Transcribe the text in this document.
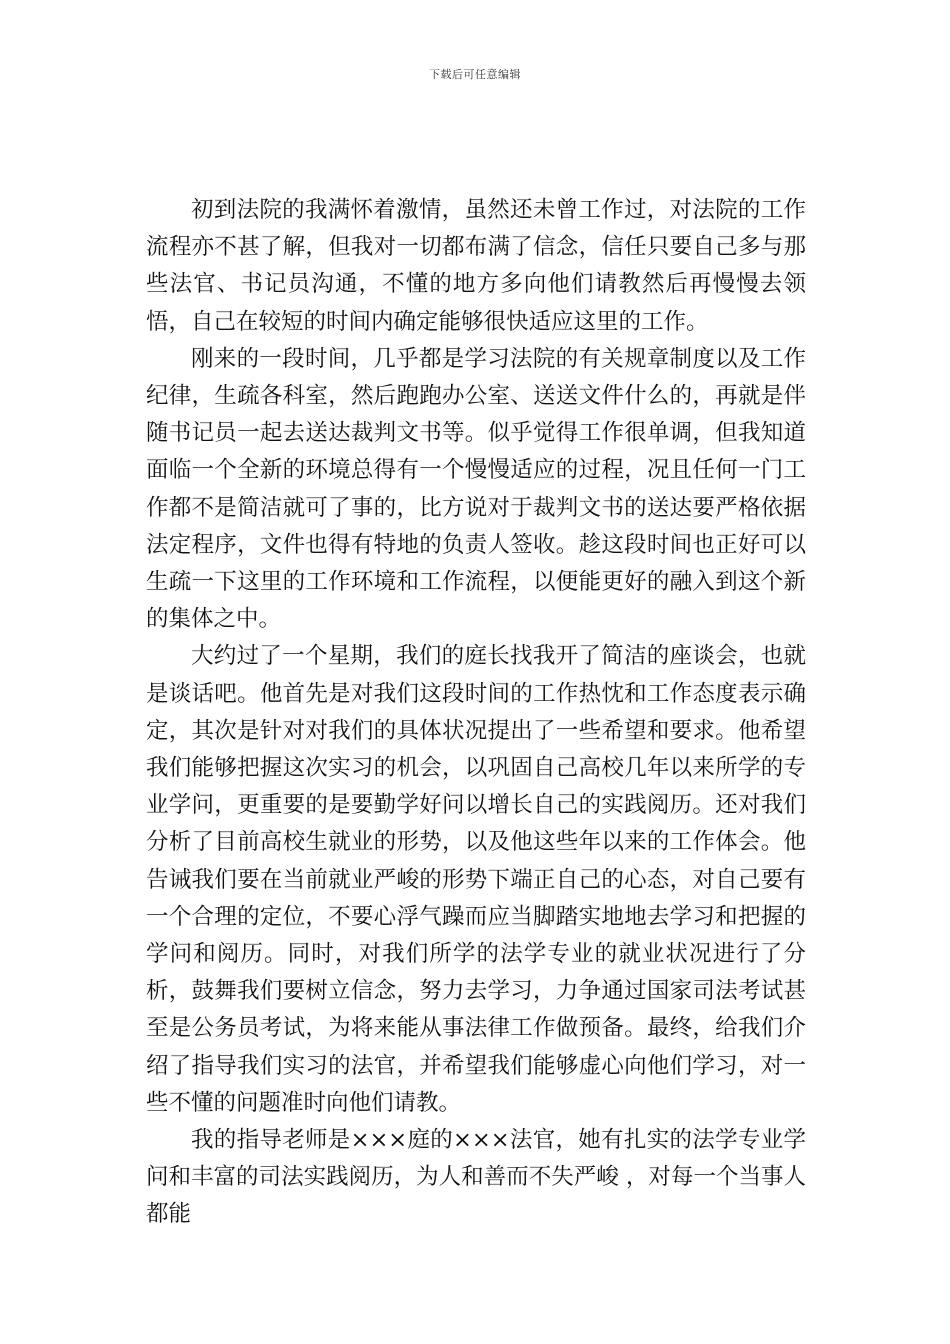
下载后可任意编辑

初到法院的我满怀着激情，虽然还未曾工作过，对法院的工作流程亦不甚了解，但我对一切都布满了信念，信任只要自己多与那些法官、书记员沟通，不懂的地方多向他们请教然后再慢慢去领悟，自己在较短的时间内确定能够很快适应这里的工作。

刚来的一段时间，几乎都是学习法院的有关规章制度以及工作纪律，生疏各科室，然后跑跑办公室、送送文件什么的，再就是伴随书记员一起去送达裁判文书等。似乎觉得工作很单调，但我知道面临一个全新的环境总得有一个慢慢适应的过程，况且任何一门工作都不是简洁就可了事的，比方说对于裁判文书的送达要严格依据法定程序，文件也得有特地的负责人签收。趁这段时间也正好可以生疏一下这里的工作环境和工作流程，以便能更好的融入到这个新的集体之中。

大约过了一个星期，我们的庭长找我开了简洁的座谈会，也就是谈话吧。他首先是对我们这段时间的工作热忱和工作态度表示确定，其次是针对对我们的具体状况提出了一些希望和要求。他希望我们能够把握这次实习的机会，以巩固自己高校几年以来所学的专业学问，更重要的是要勤学好问以增长自己的实践阅历。还对我们分析了目前高校生就业的形势，以及他这些年以来的工作体会。他告诫我们要在当前就业严峻的形势下端正自己的心态，对自己要有一个合理的定位，不要心浮气躁而应当脚踏实地地去学习和把握的学问和阅历。同时，对我们所学的法学专业的就业状况进行了分析，鼓舞我们要树立信念，努力去学习，力争通过国家司法考试甚至是公务员考试，为将来能从事法律工作做预备。最终，给我们介绍了指导我们实习的法官，并希望我们能够虚心向他们学习，对一些不懂的问题准时向他们请教。

我的指导老师是×××庭的×××法官，她有扎实的法学专业学问和丰富的司法实践阅历，为人和善而不失严峻 ，对每一个当事人都能
